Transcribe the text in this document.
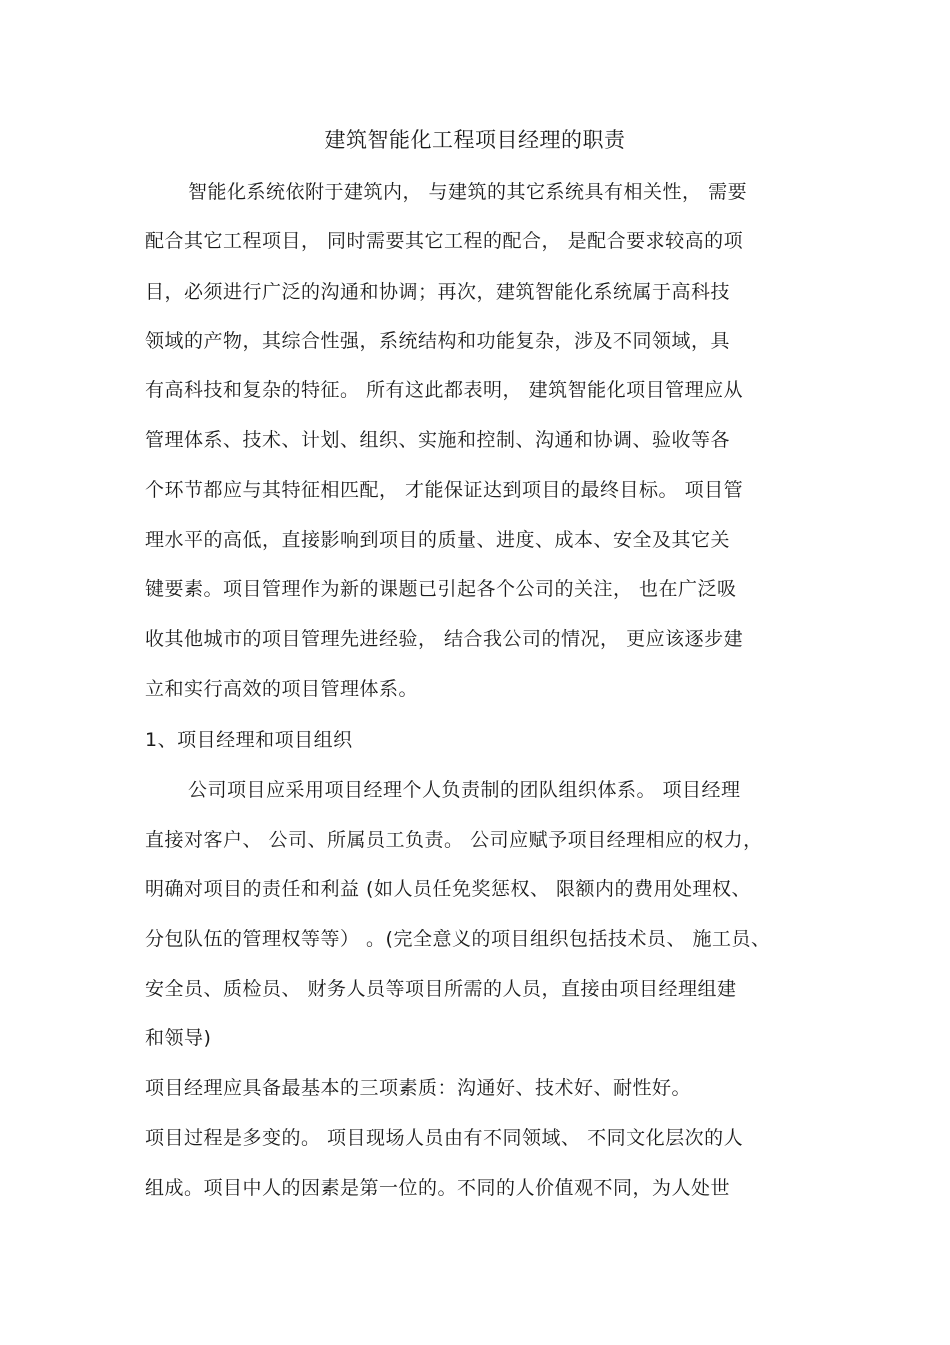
建筑智能化工程项目经理的职责
智能化系统依附于建筑内， 与建筑的其它系统具有相关性， 需要
配合其它工程项目， 同时需要其它工程的配合， 是配合要求较高的项
目，必须进行广泛的沟通和协调；再次，建筑智能化系统属于高科技
领域的产物，其综合性强，系统结构和功能复杂，涉及不同领域，具
有高科技和复杂的特征。 所有这此都表明， 建筑智能化项目管理应从
管理体系、技术、计划、组织、实施和控制、沟通和协调、验收等各
个环节都应与其特征相匹配， 才能保证达到项目的最终目标。 项目管
理水平的高低，直接影响到项目的质量、进度、成本、安全及其它关
键要素。项目管理作为新的课题已引起各个公司的关注， 也在广泛吸
收其他城市的项目管理先进经验， 结合我公司的情况， 更应该逐步建
立和实行高效的项目管理体系。
1、项目经理和项目组织
公司项目应采用项目经理个人负责制的团队组织体系。 项目经理
直接对客户、 公司、所属员工负责。 公司应赋予项目经理相应的权力，
明确对项目的责任和利益 (如人员任免奖惩权、 限额内的费用处理权、
分包队伍的管理权等等） 。(完全意义的项目组织包括技术员、 施工员、
安全员、质检员、 财务人员等项目所需的人员，直接由项目经理组建
和领导)
项目经理应具备最基本的三项素质：沟通好、技术好、耐性好。
项目过程是多变的。 项目现场人员由有不同领域、 不同文化层次的人
组成。项目中人的因素是第一位的。不同的人价值观不同，为人处世
